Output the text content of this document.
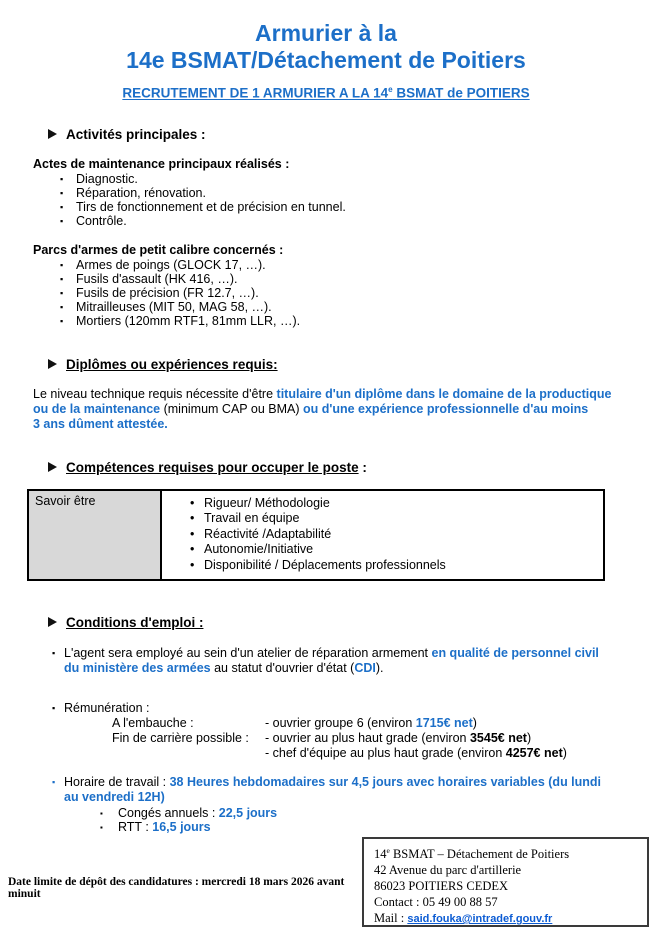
Armurier à la
14e BSMAT/Détachement de Poitiers
RECRUTEMENT DE 1 ARMURIER A LA 14e BSMAT de POITIERS
Activités principales :
Actes de maintenance principaux réalisés :
▪ Diagnostic.
▪ Réparation, rénovation.
▪ Tirs de fonctionnement et de précision en tunnel.
▪ Contrôle.
Parcs d'armes de petit calibre concernés :
▪ Armes de poings (GLOCK 17, …).
▪ Fusils d'assault (HK 416, …).
▪ Fusils de précision (FR 12.7, …).
▪ Mitrailleuses (MIT 50, MAG 58, …).
▪ Mortiers (120mm RTF1, 81mm LLR, …).
Diplômes ou expériences requis:
Le niveau technique requis nécessite d'être titulaire d'un diplôme dans le domaine de la productique
ou de la maintenance (minimum CAP ou BMA) ou d'une expérience professionnelle d'au moins
3 ans dûment attestée.
Compétences requises pour occuper le poste :
Savoir être	• Rigueur/ Méthodologie
• Travail en équipe
• Réactivité /Adaptabilité
• Autonomie/Initiative
• Disponibilité / Déplacements professionnels
Conditions d'emploi :
▪ L'agent sera employé au sein d'un atelier de réparation armement en qualité de personnel civil
du ministère des armées au statut d'ouvrier d'état (CDI).
▪ Rémunération :
A l'embauche :	- ouvrier groupe 6 (environ 1715€ net)
Fin de carrière possible :	- ouvrier au plus haut grade (environ 3545€ net)
- chef d'équipe au plus haut grade (environ 4257€ net)
▪ Horaire de travail : 38 Heures hebdomadaires sur 4,5 jours avec horaires variables (du lundi
au vendredi 12H)
▪ Congés annuels : 22,5 jours
▪ RTT : 16,5 jours
Date limite de dépôt des candidatures : mercredi 18 mars 2026 avant minuit
14e BSMAT – Détachement de Poitiers
42 Avenue du parc d'artillerie
86023 POITIERS CEDEX
Contact : 05 49 00 88 57
Mail : said.fouka@intradef.gouv.fr
